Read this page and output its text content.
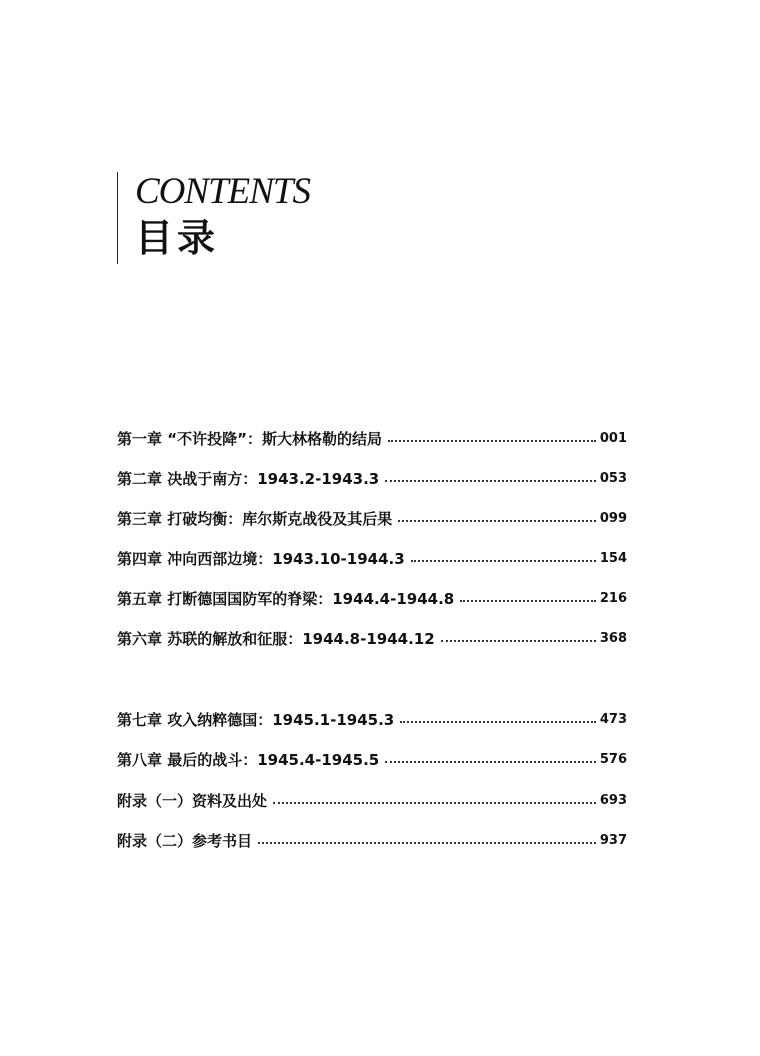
CONTENTS
目录
第一章 “不许投降”：斯大林格勒的结局	001
第二章 决战于南方：1943.2-1943.3	053
第三章 打破均衡：库尔斯克战役及其后果	099
第四章 冲向西部边境：1943.10-1944.3	154
第五章 打断德国国防军的脊梁：1944.4-1944.8	216
第六章 苏联的解放和征服：1944.8-1944.12	368
第七章 攻入纳粹德国：1945.1-1945.3	473
第八章 最后的战斗：1945.4-1945.5	576
附录（一）资料及出处	693
附录（二）参考书目	937
